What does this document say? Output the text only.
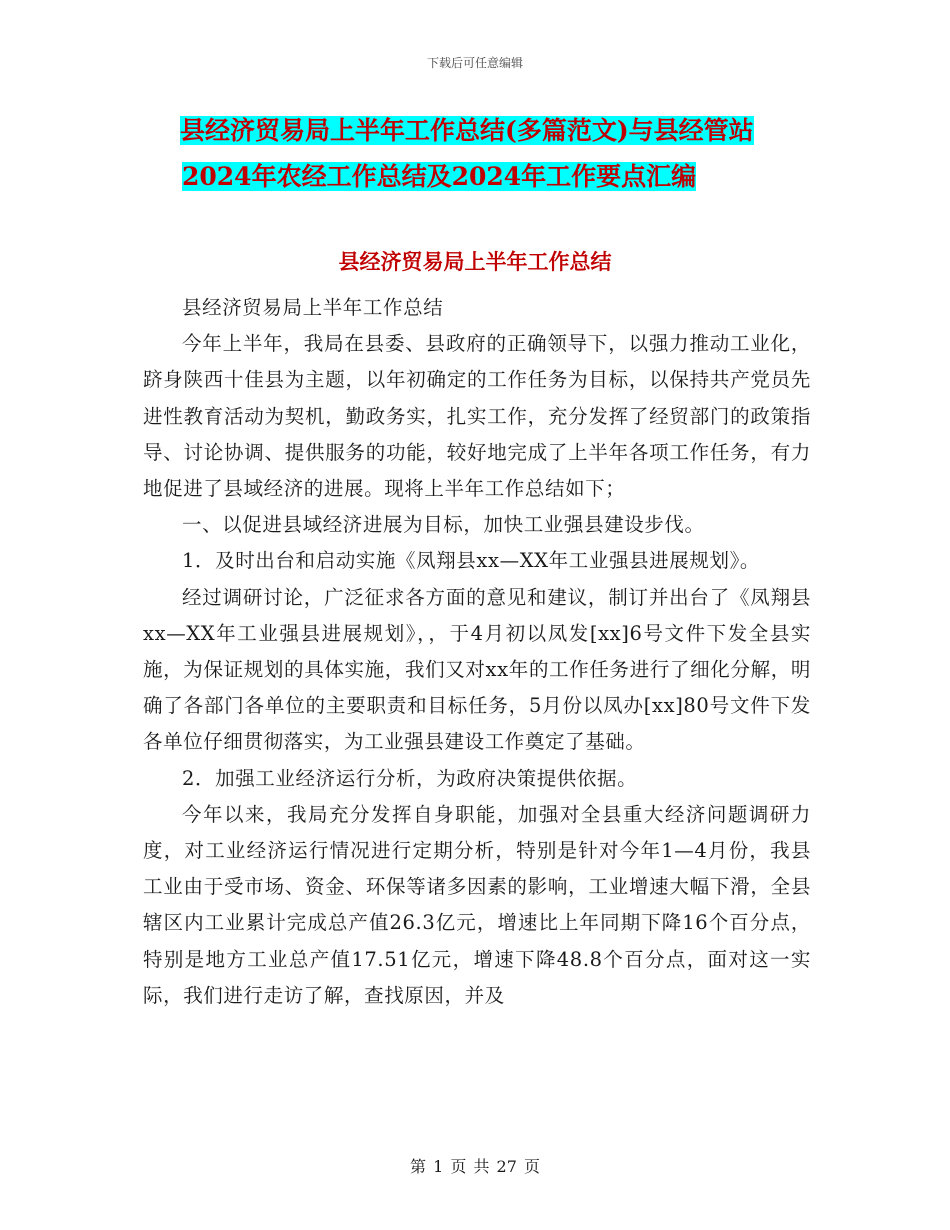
下载后可任意编辑
县经济贸易局上半年工作总结(多篇范文)与县经管站

2024年农经工作总结及2024年工作要点汇编
县经济贸易局上半年工作总结

县经济贸易局上半年工作总结

今年上半年，我局在县委、县政府的正确领导下，以强力推动工业化，跻身陕西十佳县为主题，以年初确定的工作任务为目标，以保持共产党员先进性教育活动为契机，勤政务实，扎实工作，充分发挥了经贸部门的政策指导、讨论协调、提供服务的功能，较好地完成了上半年各项工作任务，有力地促进了县域经济的进展。现将上半年工作总结如下；

一、以促进县域经济进展为目标，加快工业强县建设步伐。

1．及时出台和启动实施《凤翔县xx—XX年工业强县进展规划》。

经过调研讨论，广泛征求各方面的意见和建议，制订并出台了《凤翔县xx—XX年工业强县进展规划》，，于4月初以凤发[xx]6号文件下发全县实施，为保证规划的具体实施，我们又对xx年的工作任务进行了细化分解，明确了各部门各单位的主要职责和目标任务，5月份以凤办[xx]80号文件下发各单位仔细贯彻落实，为工业强县建设工作奠定了基础。

2．加强工业经济运行分析，为政府决策提供依据。

今年以来，我局充分发挥自身职能，加强对全县重大经济问题调研力度，对工业经济运行情况进行定期分析，特别是针对今年1—4月份，我县工业由于受市场、资金、环保等诸多因素的影响，工业增速大幅下滑，全县辖区内工业累计完成总产值26.3亿元，增速比上年同期下降16个百分点，特别是地方工业总产值17.51亿元，增速下降48.8个百分点，面对这一实际，我们进行走访了解，查找原因，并及

第 1 页 共 27 页
